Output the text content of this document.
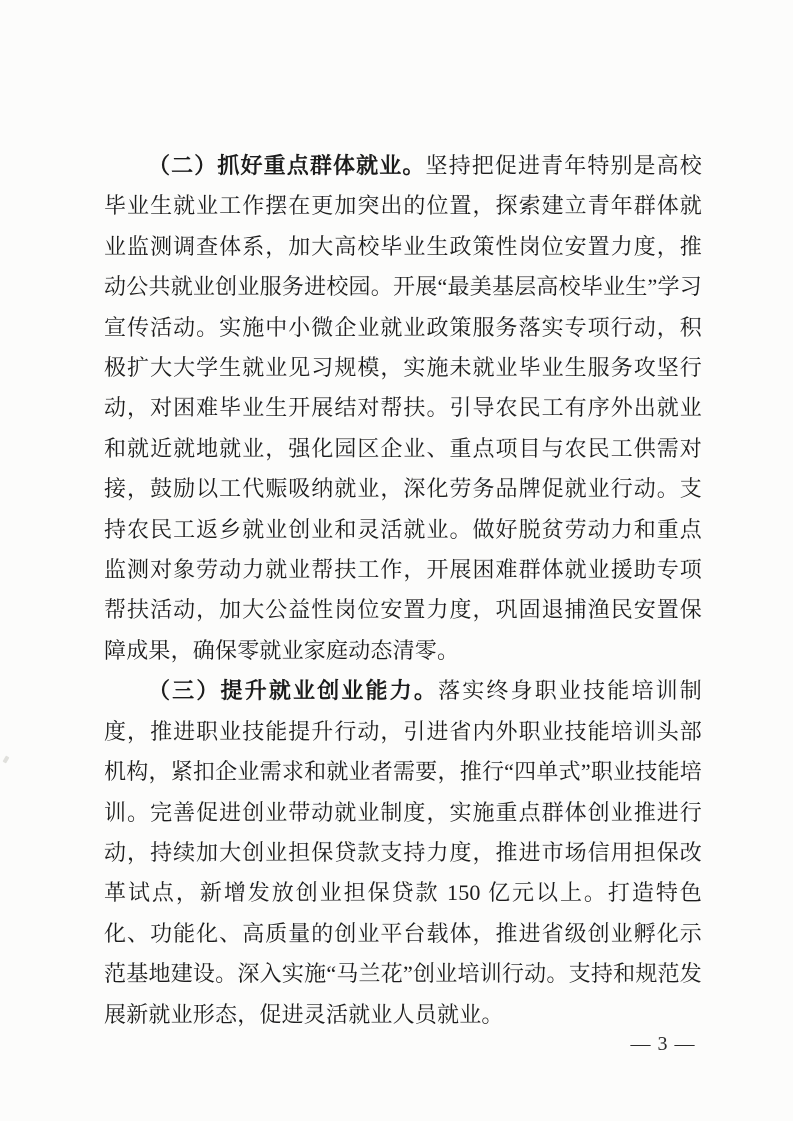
（二）抓好重点群体就业。坚持把促进青年特别是高校毕业生就业工作摆在更加突出的位置，探索建立青年群体就业监测调查体系，加大高校毕业生政策性岗位安置力度，推动公共就业创业服务进校园。开展“最美基层高校毕业生”学习宣传活动。实施中小微企业就业政策服务落实专项行动，积极扩大大学生就业见习规模，实施未就业毕业生服务攻坚行动，对困难毕业生开展结对帮扶。引导农民工有序外出就业和就近就地就业，强化园区企业、重点项目与农民工供需对接，鼓励以工代赈吸纳就业，深化劳务品牌促就业行动。支持农民工返乡就业创业和灵活就业。做好脱贫劳动力和重点监测对象劳动力就业帮扶工作，开展困难群体就业援助专项帮扶活动，加大公益性岗位安置力度，巩固退捕渔民安置保障成果，确保零就业家庭动态清零。

（三）提升就业创业能力。落实终身职业技能培训制度，推进职业技能提升行动，引进省内外职业技能培训头部机构，紧扣企业需求和就业者需要，推行“四单式”职业技能培训。完善促进创业带动就业制度，实施重点群体创业推进行动，持续加大创业担保贷款支持力度，推进市场信用担保改革试点，新增发放创业担保贷款 150 亿元以上。打造特色化、功能化、高质量的创业平台载体，推进省级创业孵化示范基地建设。深入实施“马兰花”创业培训行动。支持和规范发展新就业形态，促进灵活就业人员就业。

— 3 —
